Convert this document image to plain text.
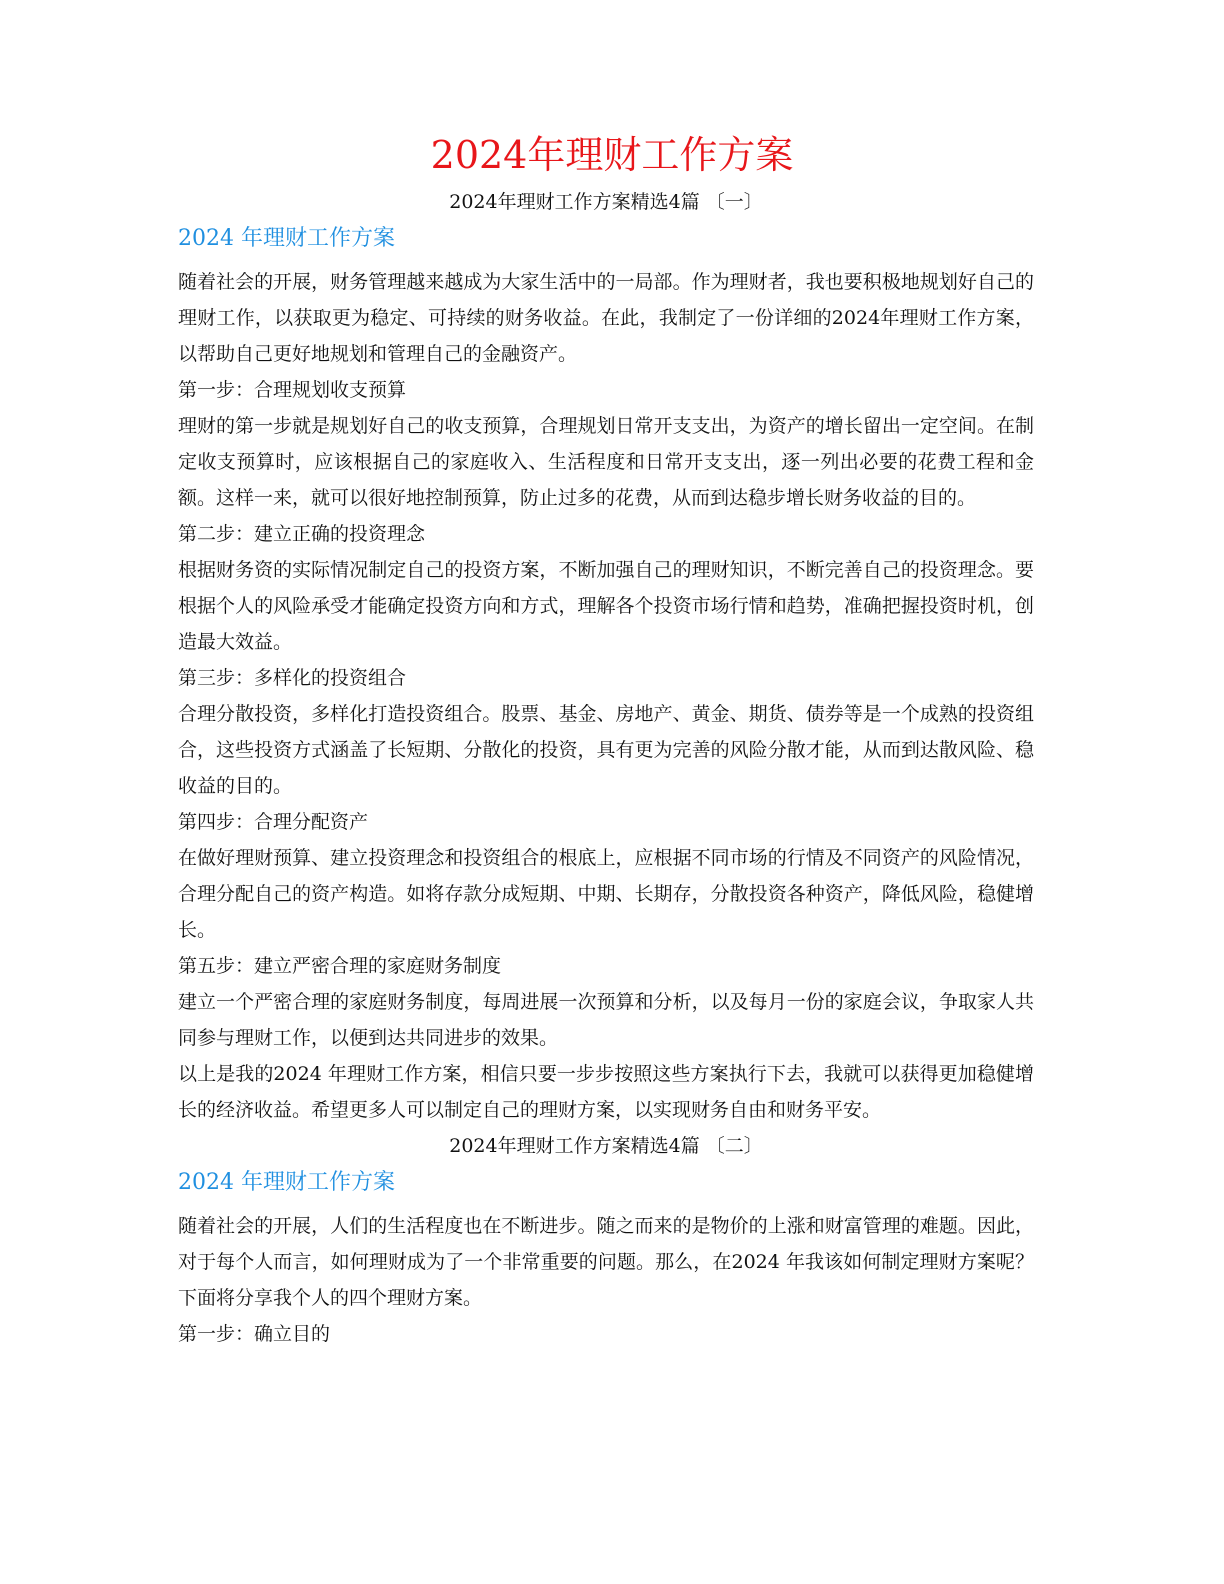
2024年理财工作方案

2024年理财工作方案精选4篇 〔一〕

2024 年理财工作方案

随着社会的开展，财务管理越来越成为大家生活中的一局部。作为理财者，我也要积极地规划好自己的理财工作，以获取更为稳定、可持续的财务收益。在此，我制定了一份详细的2024年理财工作方案，以帮助自己更好地规划和管理自己的金融资产。

第一步：合理规划收支预算

理财的第一步就是规划好自己的收支预算，合理规划日常开支支出，为资产的增长留出一定空间。在制定收支预算时，应该根据自己的家庭收入、生活程度和日常开支支出，逐一列出必要的花费工程和金额。这样一来，就可以很好地控制预算，防止过多的花费，从而到达稳步增长财务收益的目的。

第二步：建立正确的投资理念

根据财务资的实际情况制定自己的投资方案，不断加强自己的理财知识，不断完善自己的投资理念。要根据个人的风险承受才能确定投资方向和方式，理解各个投资市场行情和趋势，准确把握投资时机，创造最大效益。

第三步：多样化的投资组合

合理分散投资，多样化打造投资组合。股票、基金、房地产、黄金、期货、债券等是一个成熟的投资组合，这些投资方式涵盖了长短期、分散化的投资，具有更为完善的风险分散才能，从而到达散风险、稳收益的目的。

第四步：合理分配资产

在做好理财预算、建立投资理念和投资组合的根底上，应根据不同市场的行情及不同资产的风险情况，合理分配自己的资产构造。如将存款分成短期、中期、长期存，分散投资各种资产，降低风险，稳健增长。

第五步：建立严密合理的家庭财务制度

建立一个严密合理的家庭财务制度，每周进展一次预算和分析，以及每月一份的家庭会议，争取家人共同参与理财工作，以便到达共同进步的效果。

以上是我的2024 年理财工作方案，相信只要一步步按照这些方案执行下去，我就可以获得更加稳健增长的经济收益。希望更多人可以制定自己的理财方案，以实现财务自由和财务平安。

2024年理财工作方案精选4篇 〔二〕

2024 年理财工作方案

随着社会的开展，人们的生活程度也在不断进步。随之而来的是物价的上涨和财富管理的难题。因此，对于每个人而言，如何理财成为了一个非常重要的问题。那么，在2024 年我该如何制定理财方案呢？下面将分享我个人的四个理财方案。

第一步：确立目的
